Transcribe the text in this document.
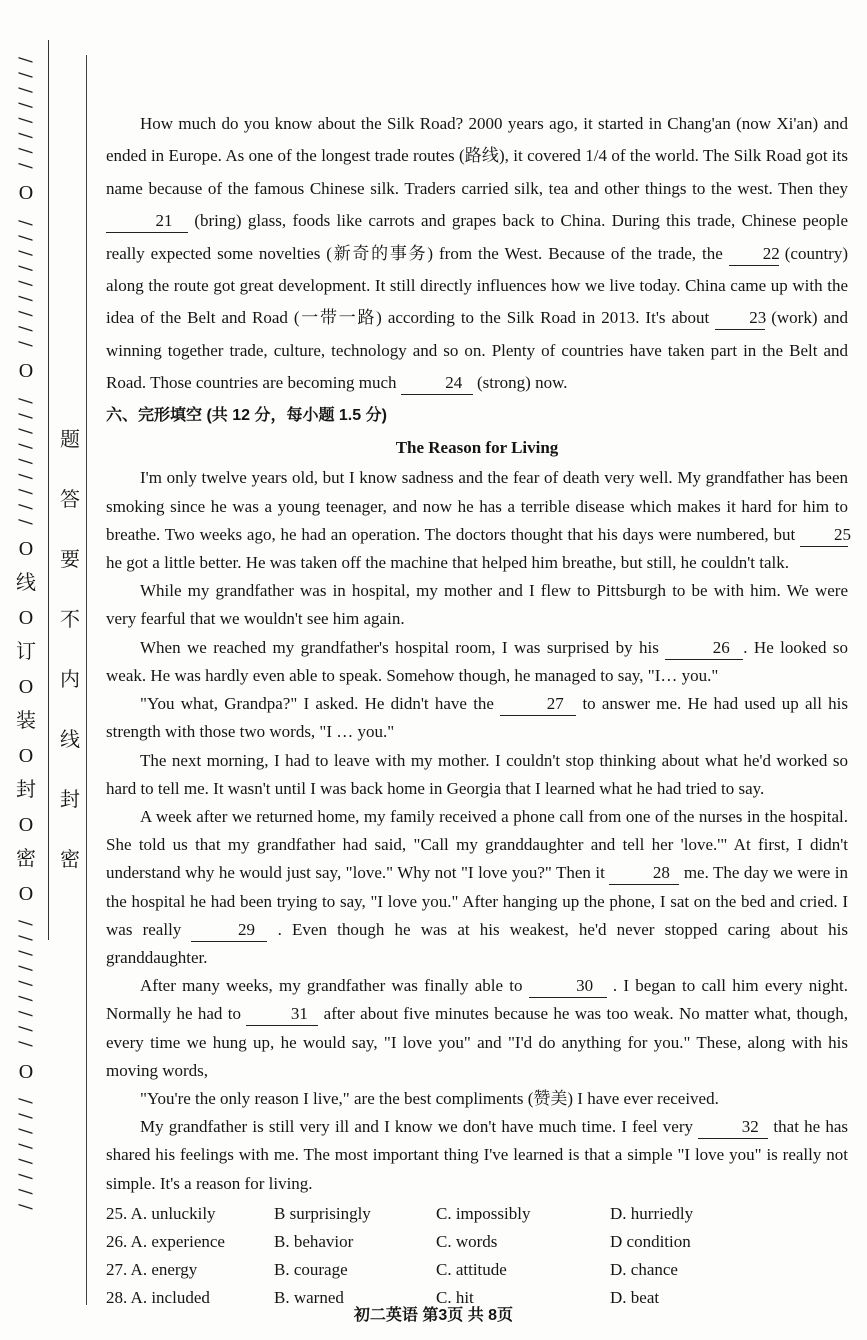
/ / / / / / / /
O
/ / / / / / / / /
O
/ / / / / / / / /
O
线
O
订
O
装
O
封
O
密
O
/ / / / / / / / /
O
/ / / / / / / /
题
答
要
不
内
线
封
密

How much do you know about the Silk Road? 2000 years ago, it started in Chang'an (now Xi'an) and ended in Europe. As one of the longest trade routes (路线), it covered 1/4 of the world. The Silk Road got its name because of the famous Chinese silk. Traders carried silk, tea and other things to the west. Then they 21 (bring) glass, foods like carrots and grapes back to China. During this trade, Chinese people really expected some novelties (新奇的事务) from the West. Because of the trade, the 22 (country) along the route got great development. It still directly influences how we live today. China came up with the idea of the Belt and Road (一带一路) according to the Silk Road in 2013. It's about 23 (work) and winning together trade, culture, technology and so on. Plenty of countries have taken part in the Belt and Road. Those countries are becoming much	24 (strong) now.

六、完形填空 (共 12 分，每小题 1.5 分)
The Reason for Living

I'm only twelve years old, but I know sadness and the fear of death very well. My grandfather has been smoking since he was a young teenager, and now he has a terrible disease which makes it hard for him to breathe. Two weeks ago, he had an operation. The doctors thought that his days were numbered, but 25he got a little better. He was taken off the machine that helped him breathe, but still, he couldn't talk.

While my grandfather was in hospital, my mother and I flew to Pittsburgh to be with him. We were very fearful that we wouldn't see him again.

When we reached my grandfather's hospital room, I was surprised by his	26 . He looked so weak. He was hardly even able to speak. Somehow though, he managed to say, "I… you."

"You what, Grandpa?" I asked. He didn't have the	27 to answer me. He had used up all his strength with those two words, "I … you."

The next morning, I had to leave with my mother. I couldn't stop thinking about what he'd worked so hard to tell me. It wasn't until I was back home in Georgia that I learned what he had tried to say.

A week after we returned home, my family received a phone call from one of the nurses in the hospital. She told us that my grandfather had said, "Call my granddaughter and tell her 'love.'" At first, I didn't understand why he would just say, "love." Why not "I love you?" Then it	28 me. The day we were in the hospital he had been trying to say, "I love you." After hanging up the phone, I sat on the bed and cried. I was really	29 . Even though he was at his weakest, he'd never stopped caring about his granddaughter.

After many weeks, my grandfather was finally able to	30 . I began to call him every night. Normally he had to	31 after about five minutes because he was too weak. No matter what, though, every time we hung up, he would say, "I love you" and "I'd do anything for you." These, along with his moving words,

"You're the only reason I live," are the best compliments (赞美) I have ever received.

My grandfather is still very ill and I know we don't have much time. I feel very	32 that he has shared his feelings with me. The most important thing I've learned is that a simple "I love you" is really not simple. It's a reason for living.

25. A. unluckily	B surprisingly	C. impossibly	D. hurriedly
26. A. experience	B. behavior	C. words	D condition
27. A. energy	B. courage	C. attitude	D. chance
28. A. included	B. warned	C. hit	D. beat
初二英语 第3页 共 8页
